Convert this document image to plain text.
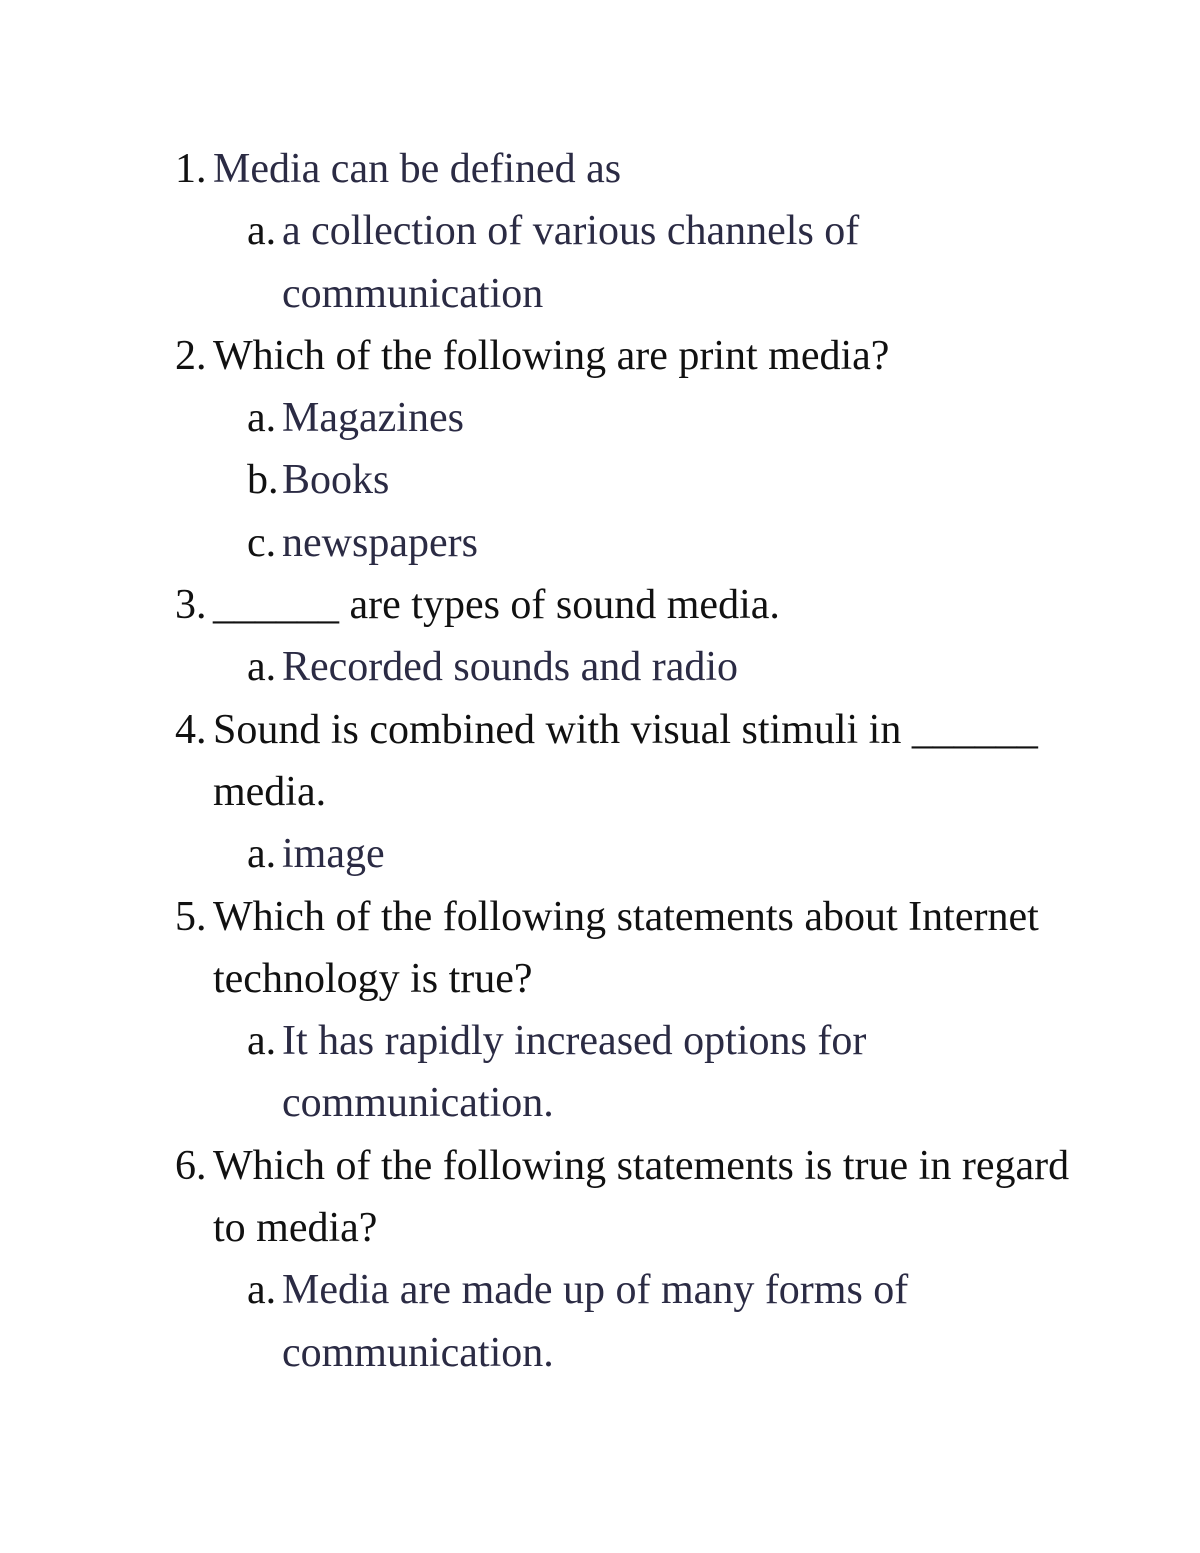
1. Media can be defined as
a. a collection of various channels of communication
2. Which of the following are print media?
a. Magazines
b. Books
c. newspapers
3. ______ are types of sound media.
a. Recorded sounds and radio
4. Sound is combined with visual stimuli in ______ media.
a. image
5. Which of the following statements about Internet technology is true?
a. It has rapidly increased options for communication.
6. Which of the following statements is true in regard to media?
a. Media are made up of many forms of communication.
